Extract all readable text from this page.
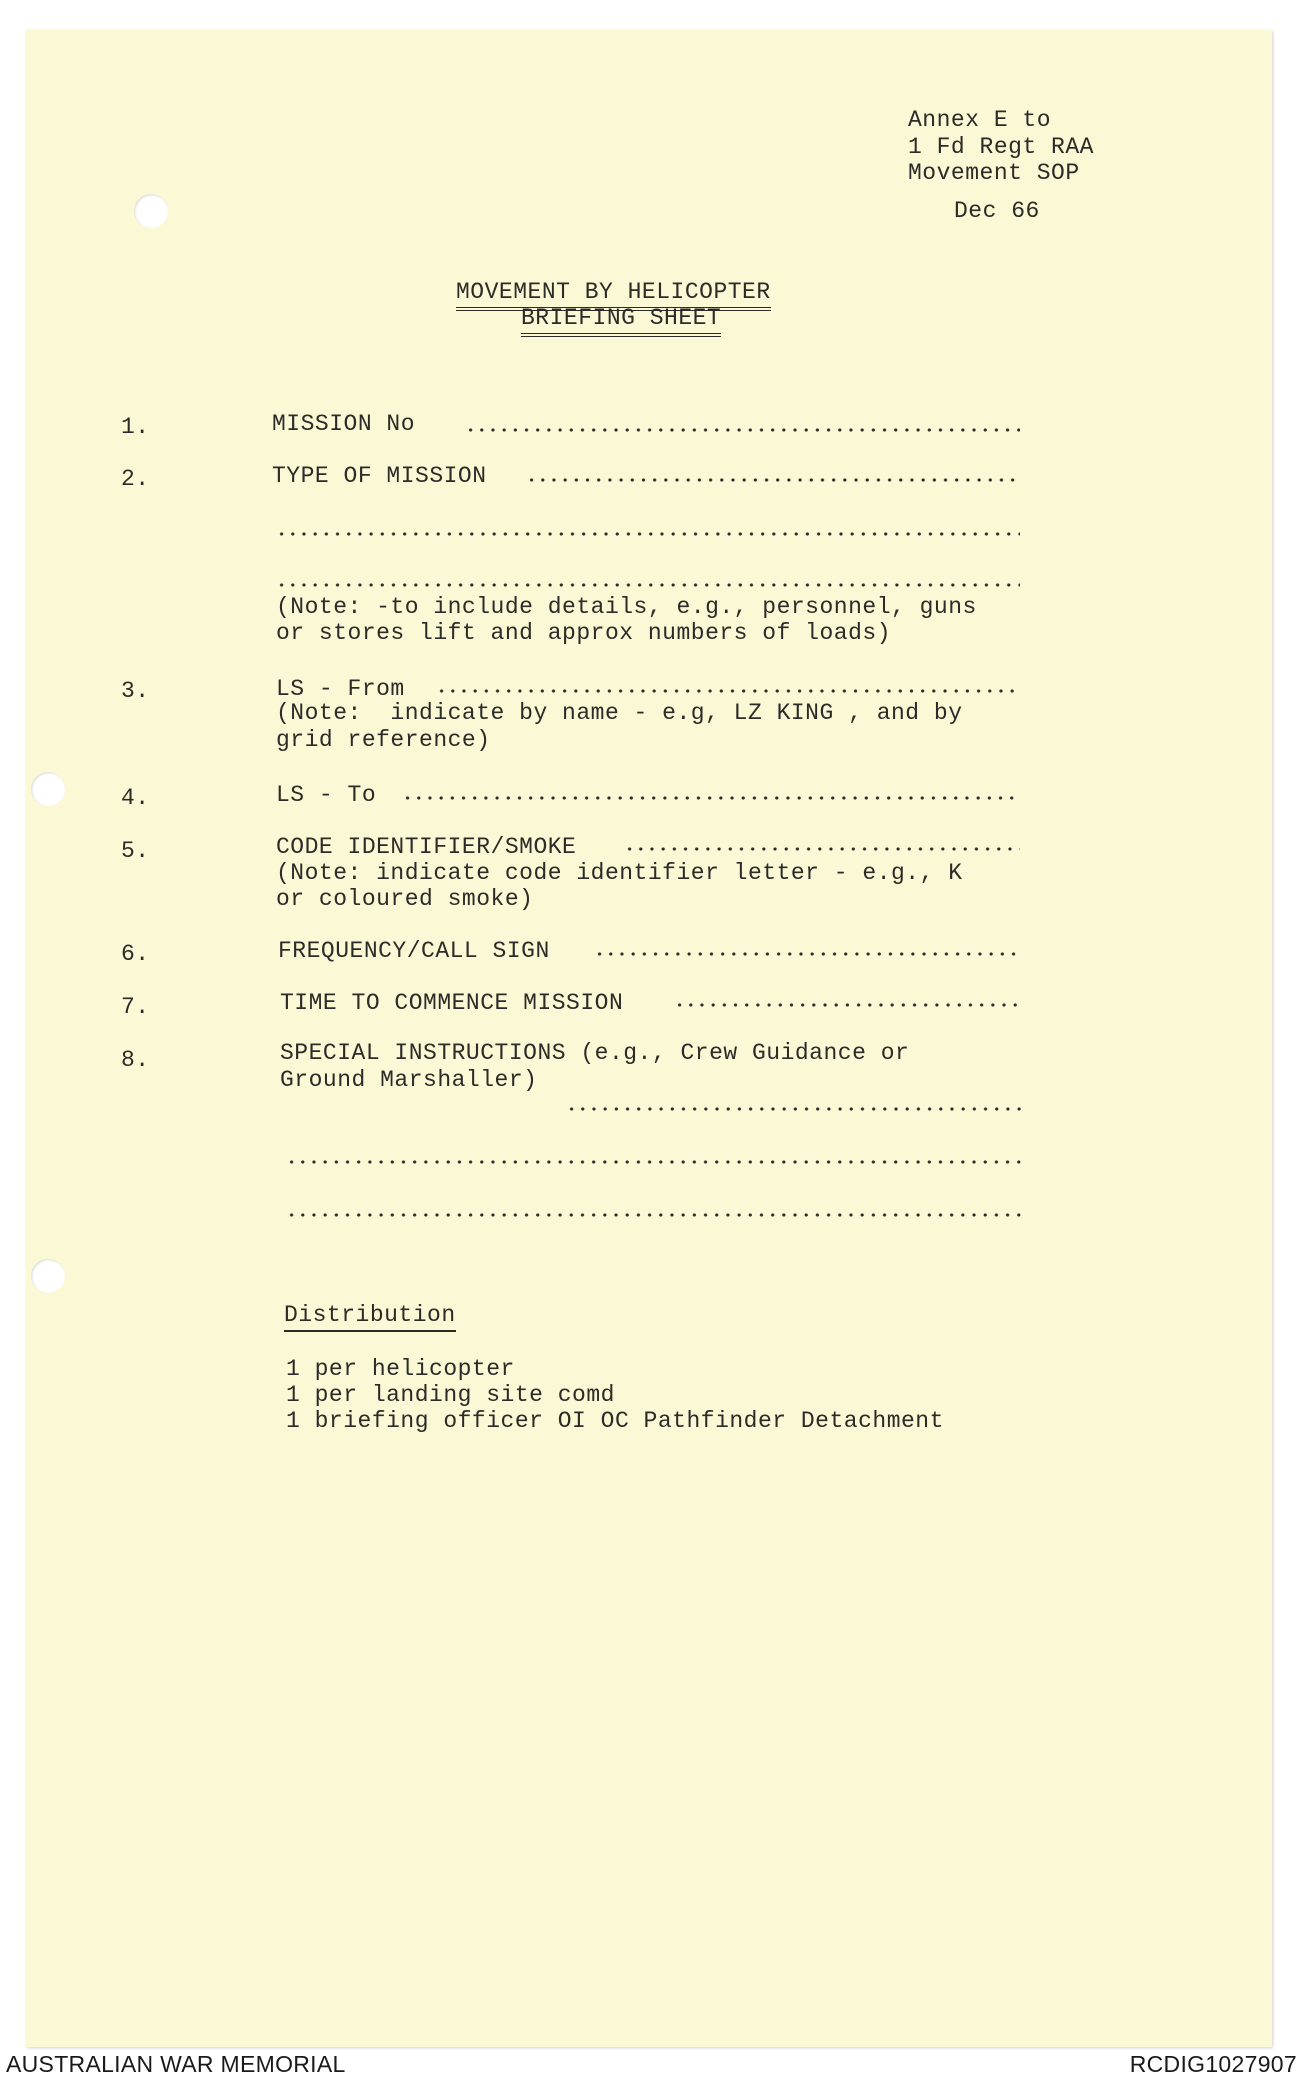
Annex E to
1 Fd Regt RAA
Movement SOP
Dec 66
MOVEMENT BY HELICOPTER
BRIEFING SHEET
1.	MISSION No
2.	TYPE OF MISSION
(Note: -to include details, e.g., personnel, guns
or stores lift and approx numbers of loads)
3.	LS - From
(Note:  indicate by name - e.g, LZ KING , and by
grid reference)
4.	LS - To
5.	CODE IDENTIFIER/SMOKE
(Note: indicate code identifier letter - e.g., K
or coloured smoke)
6.	FREQUENCY/CALL SIGN
7.	TIME TO COMMENCE MISSION
8.	SPECIAL INSTRUCTIONS (e.g., Crew Guidance or
Ground Marshaller)
Distribution
1 per helicopter
1 per landing site comd
1 briefing officer OI OC Pathfinder Detachment
AUSTRALIAN WAR MEMORIAL	RCDIG1027907
